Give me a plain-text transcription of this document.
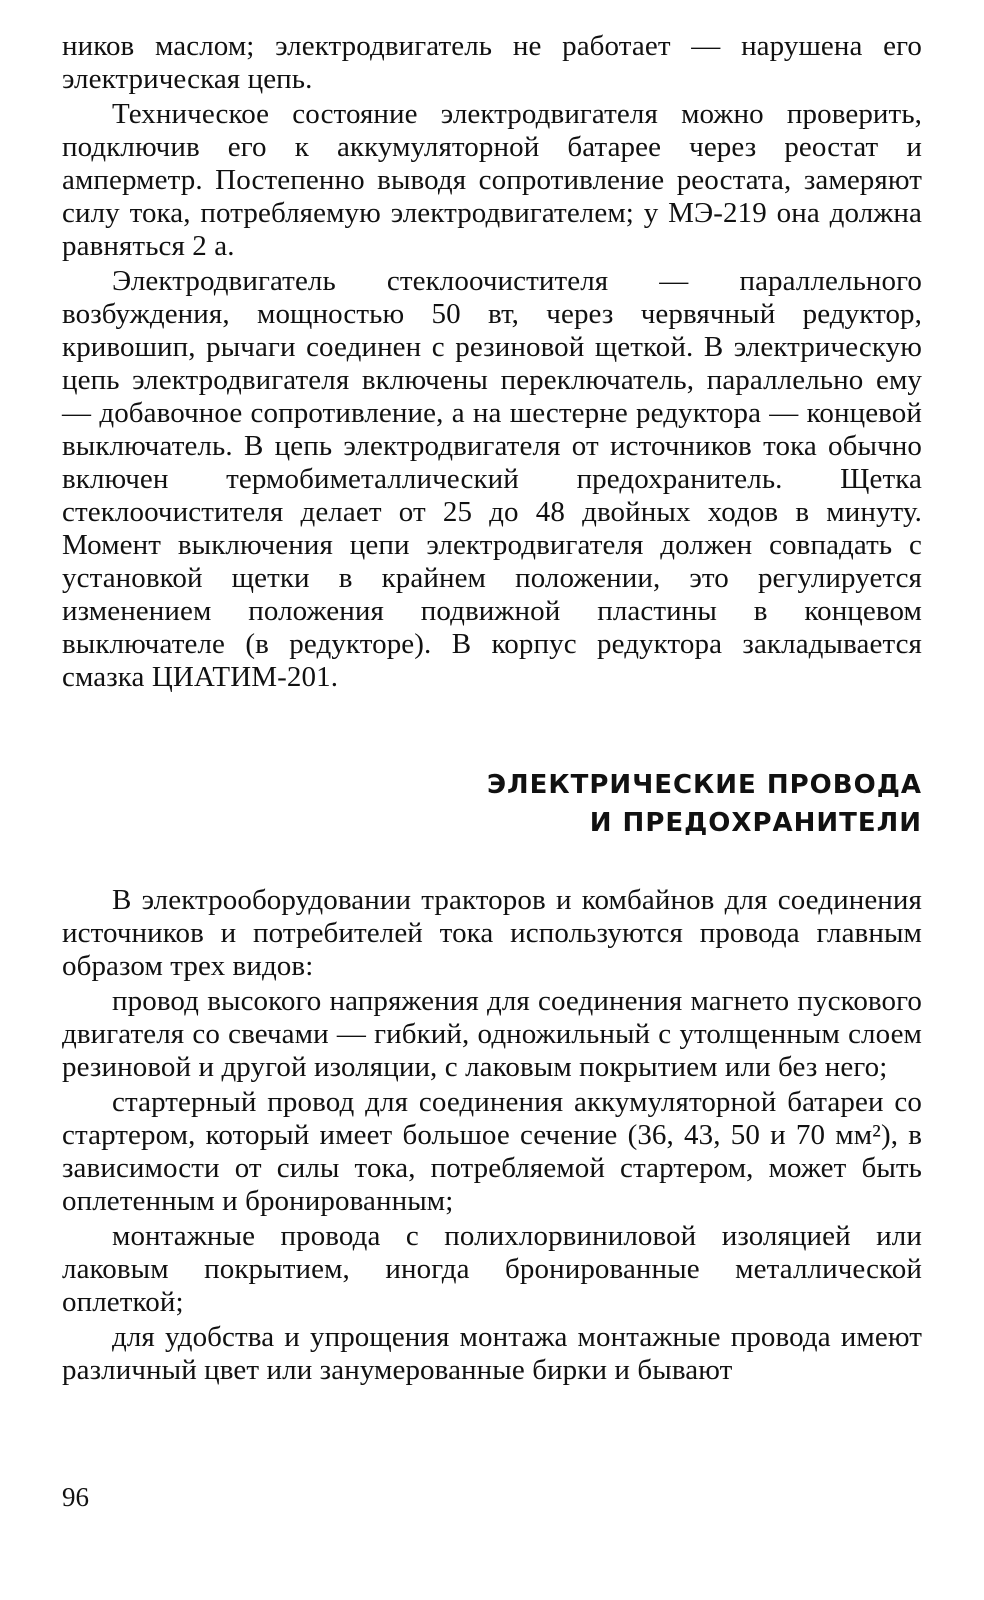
ников маслом; электродвигатель не работает — нарушена его электрическая цепь.

Техническое состояние электродвигателя можно проверить, подключив его к аккумуляторной батарее через реостат и амперметр. Постепенно выводя сопротивление реостата, замеряют силу тока, потребляемую электродвигателем; у МЭ-219 она должна равняться 2 а.

Электродвигатель стеклоочистителя — параллельного возбуждения, мощностью 50 вт, через червячный редуктор, кривошип, рычаги соединен с резиновой щеткой. В электрическую цепь электродвигателя включены переключатель, параллельно ему — добавочное сопротивление, а на шестерне редуктора — концевой выключатель. В цепь электродвигателя от источников тока обычно включен термобиметаллический предохранитель. Щетка стеклоочистителя делает от 25 до 48 двойных ходов в минуту. Момент выключения цепи электродвигателя должен совпадать с установкой щетки в крайнем положении, это регулируется изменением положения подвижной пластины в концевом выключателе (в редукторе). В корпус редуктора закладывается смазка ЦИАТИМ-201.

ЭЛЕКТРИЧЕСКИЕ ПРОВОДА
И ПРЕДОХРАНИТЕЛИ

В электрооборудовании тракторов и комбайнов для соединения источников и потребителей тока используются провода главным образом трех видов:

провод высокого напряжения для соединения магнето пускового двигателя со свечами — гибкий, одножильный с утолщенным слоем резиновой и другой изоляции, с лаковым покрытием или без него;

стартерный провод для соединения аккумуляторной батареи со стартером, который имеет большое сечение (36, 43, 50 и 70 мм²), в зависимости от силы тока, потребляемой стартером, может быть оплетенным и бронированным;

монтажные провода с полихлорвиниловой изоляцией или лаковым покрытием, иногда бронированные металлической оплеткой;

для удобства и упрощения монтажа монтажные провода имеют различный цвет или занумерованные бирки и бывают

96
